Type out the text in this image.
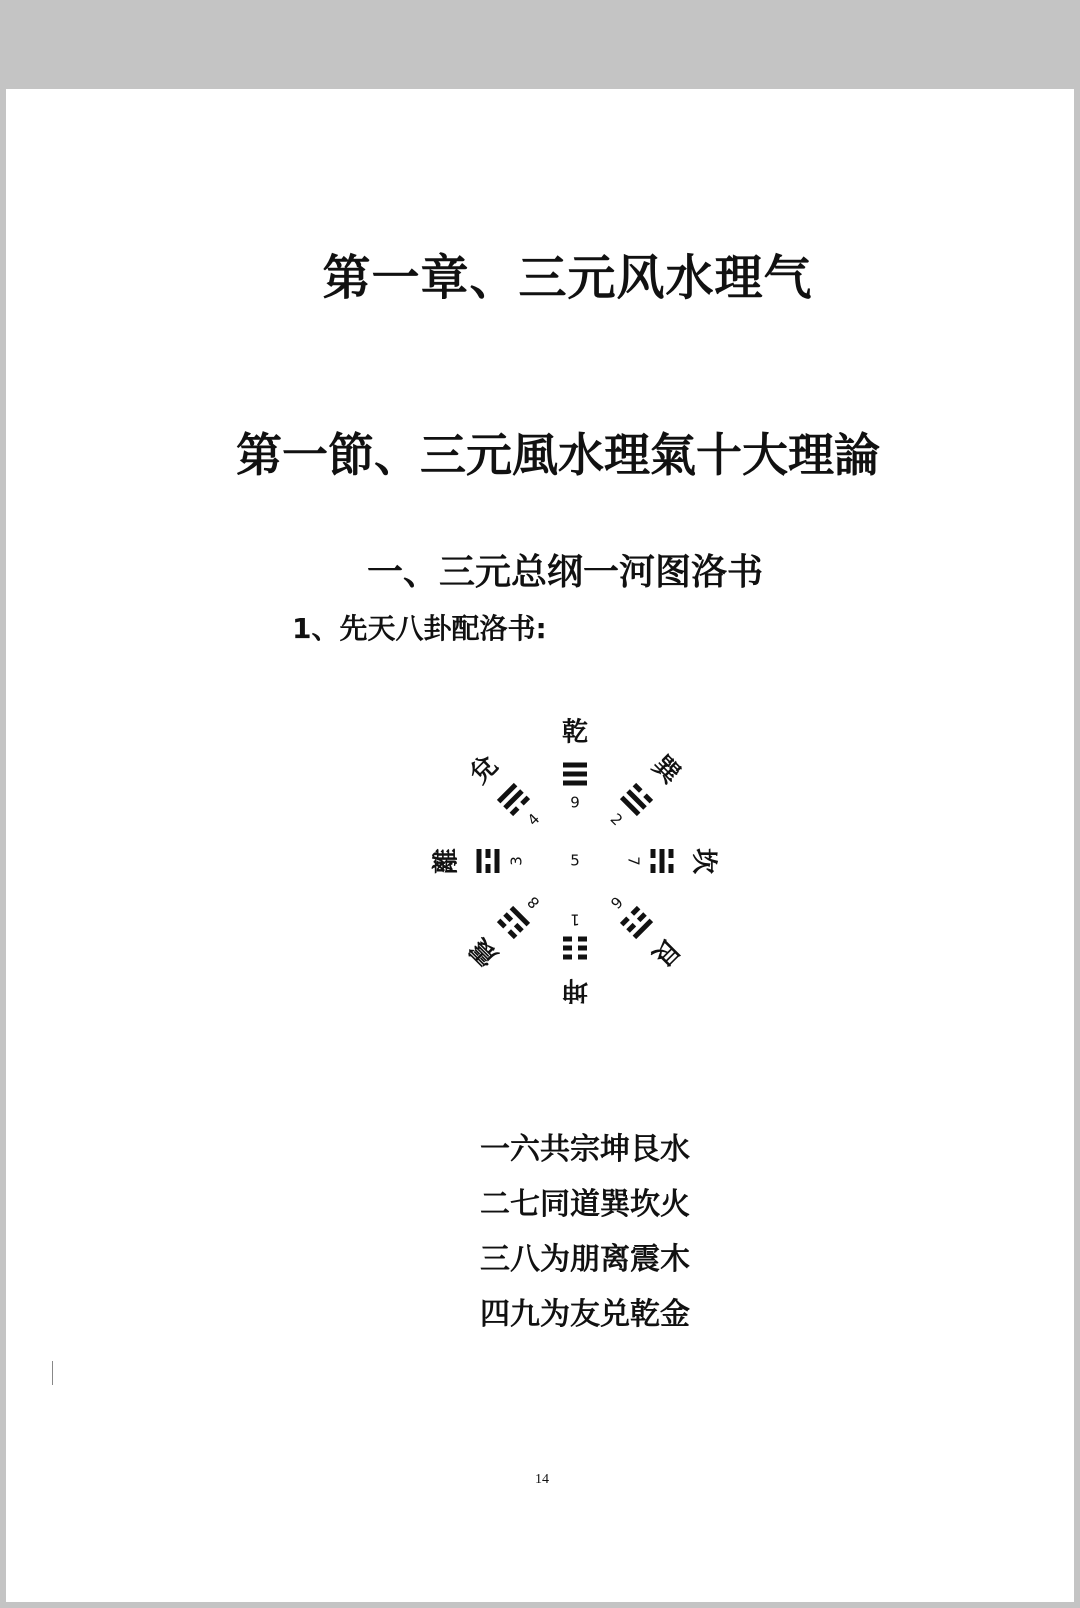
第一章、三元风水理气
第一節、三元風水理氣十大理論
一、三元总纲一河图洛书
1、先天八卦配洛书:
5
9
乾
2
巽
7 坎
6
艮
1
坤
8
震
3
離
4
兌
一六共宗坤艮水
二七同道巽坎火
三八为朋离震木
四九为友兑乾金
14
